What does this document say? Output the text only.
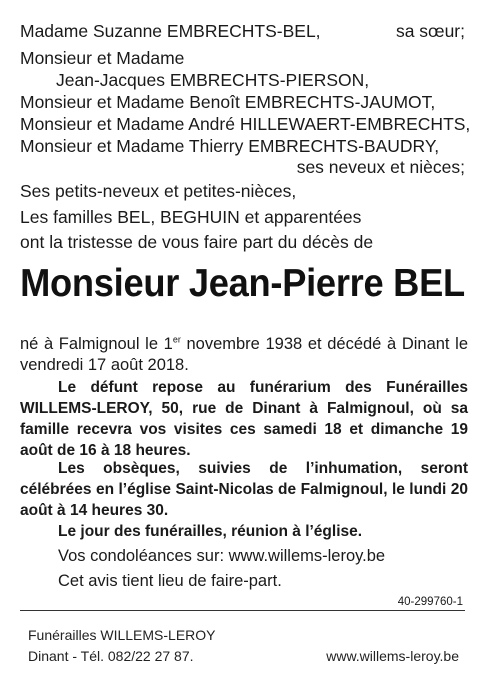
Madame Suzanne EMBRECHTS-BEL,	sa sœur;
Monsieur et Madame
Jean-Jacques EMBRECHTS-PIERSON,
Monsieur et Madame Benoît EMBRECHTS-JAUMOT,
Monsieur et Madame André HILLEWAERT-EMBRECHTS,
Monsieur et Madame Thierry EMBRECHTS-BAUDRY,
ses neveux et nièces;
Ses petits-neveux et petites-nièces,
Les familles BEL, BEGHUIN et apparentées
ont la tristesse de vous faire part du décès de
Monsieur Jean-Pierre BEL
né à Falmignoul le 1er novembre 1938 et décédé à Dinant le vendredi 17 août 2018.
Le défunt repose au funérarium des Funérailles WILLEMS-LEROY, 50, rue de Dinant à Falmignoul, où sa famille recevra vos visites ces samedi 18 et dimanche 19 août de 16 à 18 heures.
Les obsèques, suivies de l’inhumation, seront célébrées en l’église Saint-Nicolas de Falmignoul, le lundi 20 août à 14 heures 30.
Le jour des funérailles, réunion à l’église.
Vos condoléances sur: www.willems-leroy.be
Cet avis tient lieu de faire-part.
40-299760-1
Funérailles WILLEMS-LEROY
Dinant - Tél. 082/22 27 87.	www.willems-leroy.be
